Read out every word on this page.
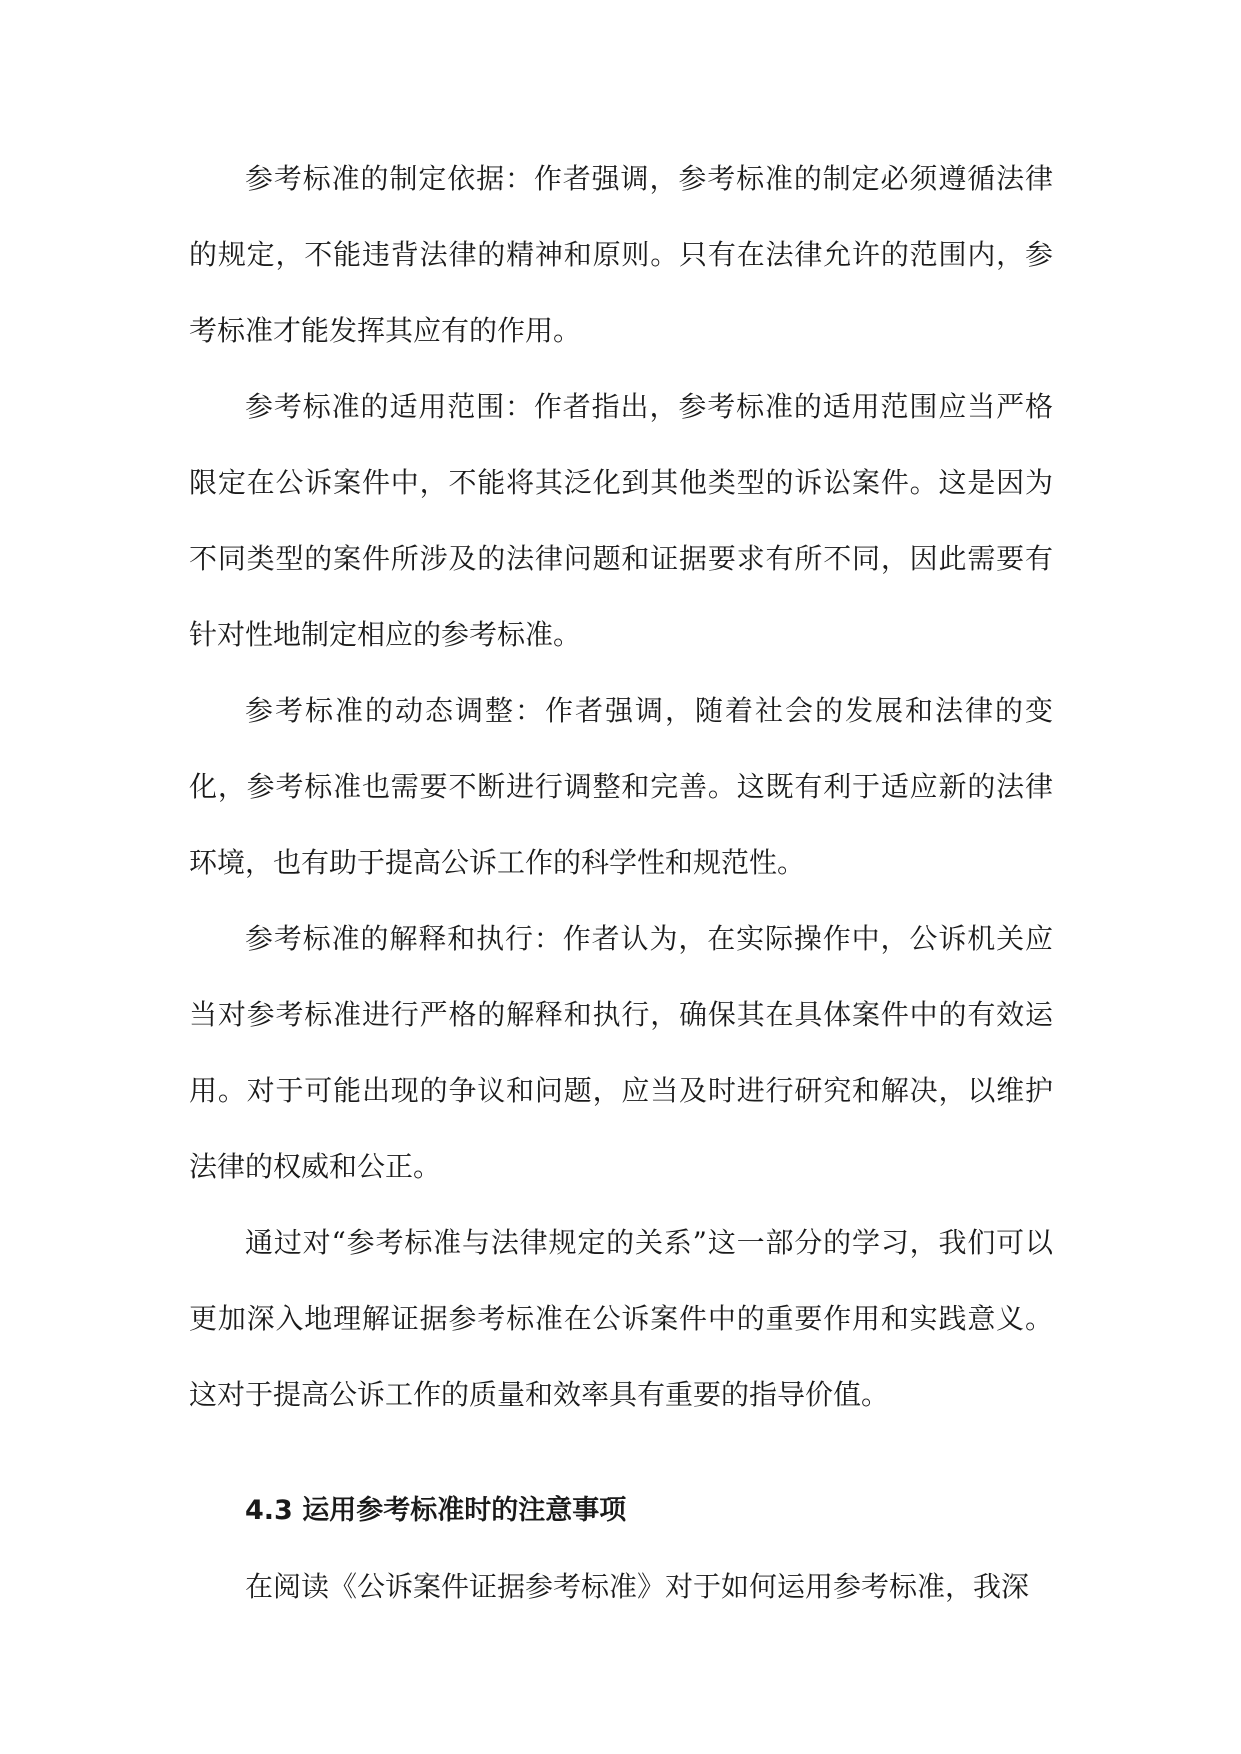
参考标准的制定依据：作者强调，参考标准的制定必须遵循法律的规定，不能违背法律的精神和原则。只有在法律允许的范围内，参考标准才能发挥其应有的作用。

参考标准的适用范围：作者指出，参考标准的适用范围应当严格限定在公诉案件中，不能将其泛化到其他类型的诉讼案件。这是因为不同类型的案件所涉及的法律问题和证据要求有所不同，因此需要有针对性地制定相应的参考标准。

参考标准的动态调整：作者强调，随着社会的发展和法律的变化，参考标准也需要不断进行调整和完善。这既有利于适应新的法律环境，也有助于提高公诉工作的科学性和规范性。

参考标准的解释和执行：作者认为，在实际操作中，公诉机关应当对参考标准进行严格的解释和执行，确保其在具体案件中的有效运用。对于可能出现的争议和问题，应当及时进行研究和解决，以维护法律的权威和公正。

通过对“参考标准与法律规定的关系”这一部分的学习，我们可以更加深入地理解证据参考标准在公诉案件中的重要作用和实践意义。这对于提高公诉工作的质量和效率具有重要的指导价值。

4.3 运用参考标准时的注意事项

在阅读《公诉案件证据参考标准》对于如何运用参考标准，我深
